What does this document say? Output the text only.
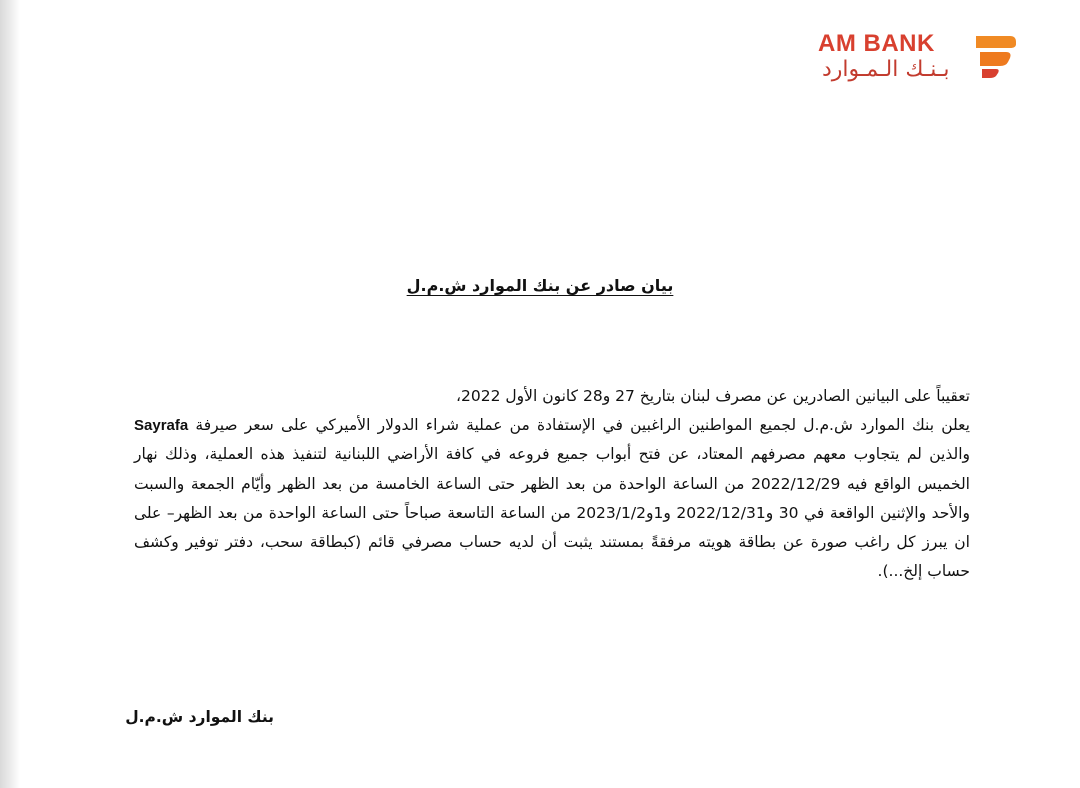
AM BANK
بـنـك الـمـوارد
بيان صادر عن بنك الموارد ش.م.ل

تعقيباً على البيانين الصادرين عن مصرف لبنان بتاريخ 27 و28 كانون الأول 2022،

يعلن بنك الموارد ش.م.ل لجميع المواطنين الراغبين في الإستفادة من عملية شراء الدولار الأميركي على سعر صيرفة Sayrafa والذين لم يتجاوب معهم مصرفهم المعتاد، عن فتح أبواب جميع فروعه في كافة الأراضي اللبنانية لتنفيذ هذه العملية، وذلك نهار الخميس الواقع فيه 2022/12/29 من الساعة الواحدة من بعد الظهر حتى الساعة الخامسة من بعد الظهر وأيّام الجمعة والسبت والأحد والإثنين الواقعة في 30 و2022/12/31 و1و2023/1/2 من الساعة التاسعة صباحاً حتى الساعة الواحدة من بعد الظهر– على ان يبرز كل راغب صورة عن بطاقة هويته مرفقةً بمستند يثبت أن لديه حساب مصرفي قائم (كبطاقة سحب، دفتر توفير وكشف حساب إلخ...).

بنك الموارد ش.م.ل
